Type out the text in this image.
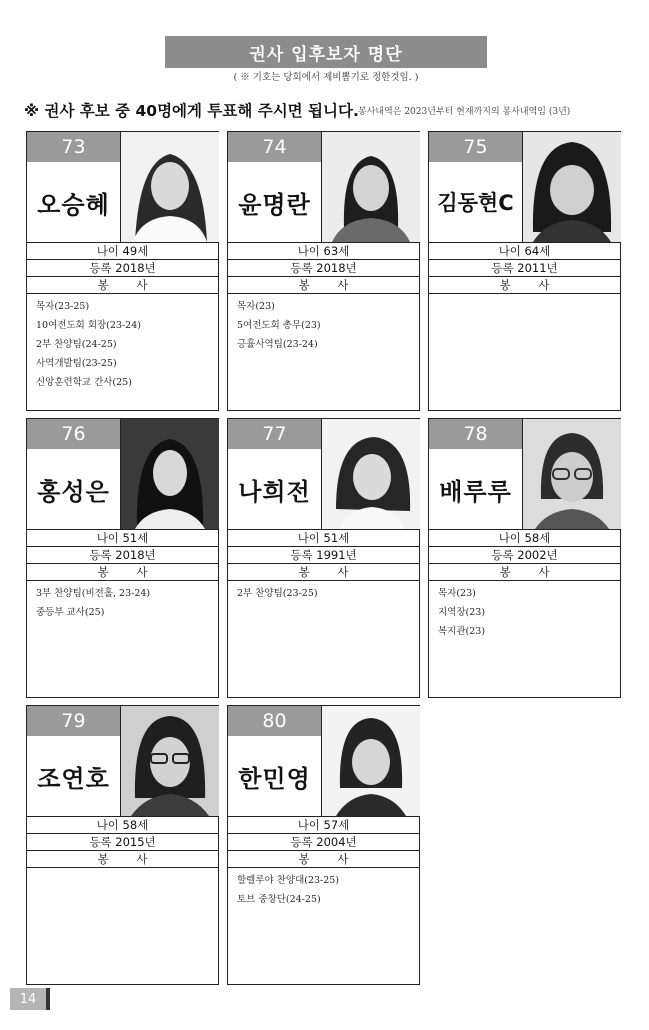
권사 입후보자 명단
( ※ 기호는 당회에서 제비뽑기로 정한것임. )
※ 권사 후보 중 40명에게 투표해 주시면 됩니다. 봉사내역은 2023년부터 현재까지의 봉사내역임 (3년)
73
오승혜
나이 49세
등록 2018년
봉 사
목자(23-25)
10여전도회 회장(23-24)
2부 찬양팀(24-25)
사역개발팀(23-25)
신앙훈련학교 간사(25)
74
윤명란
나이 63세
등록 2018년
봉 사
목자(23)
5여전도회 총무(23)
긍휼사역팀(23-24)
75
김동현C
나이 64세
등록 2011년
봉 사
76
홍성은
나이 51세
등록 2018년
봉 사
3부 찬양팀(비전홀, 23-24)
중등부 교사(25)
77
나희전
나이 51세
등록 1991년
봉 사
2부 찬양팀(23-25)
78
배루루
나이 58세
등록 2002년
봉 사
목자(23)
지역장(23)
복지관(23)
79
조연호
나이 58세
등록 2015년
봉 사
80
한민영
나이 57세
등록 2004년
봉 사
할렐루야 찬양대(23-25)
토브 중창단(24-25)
14
